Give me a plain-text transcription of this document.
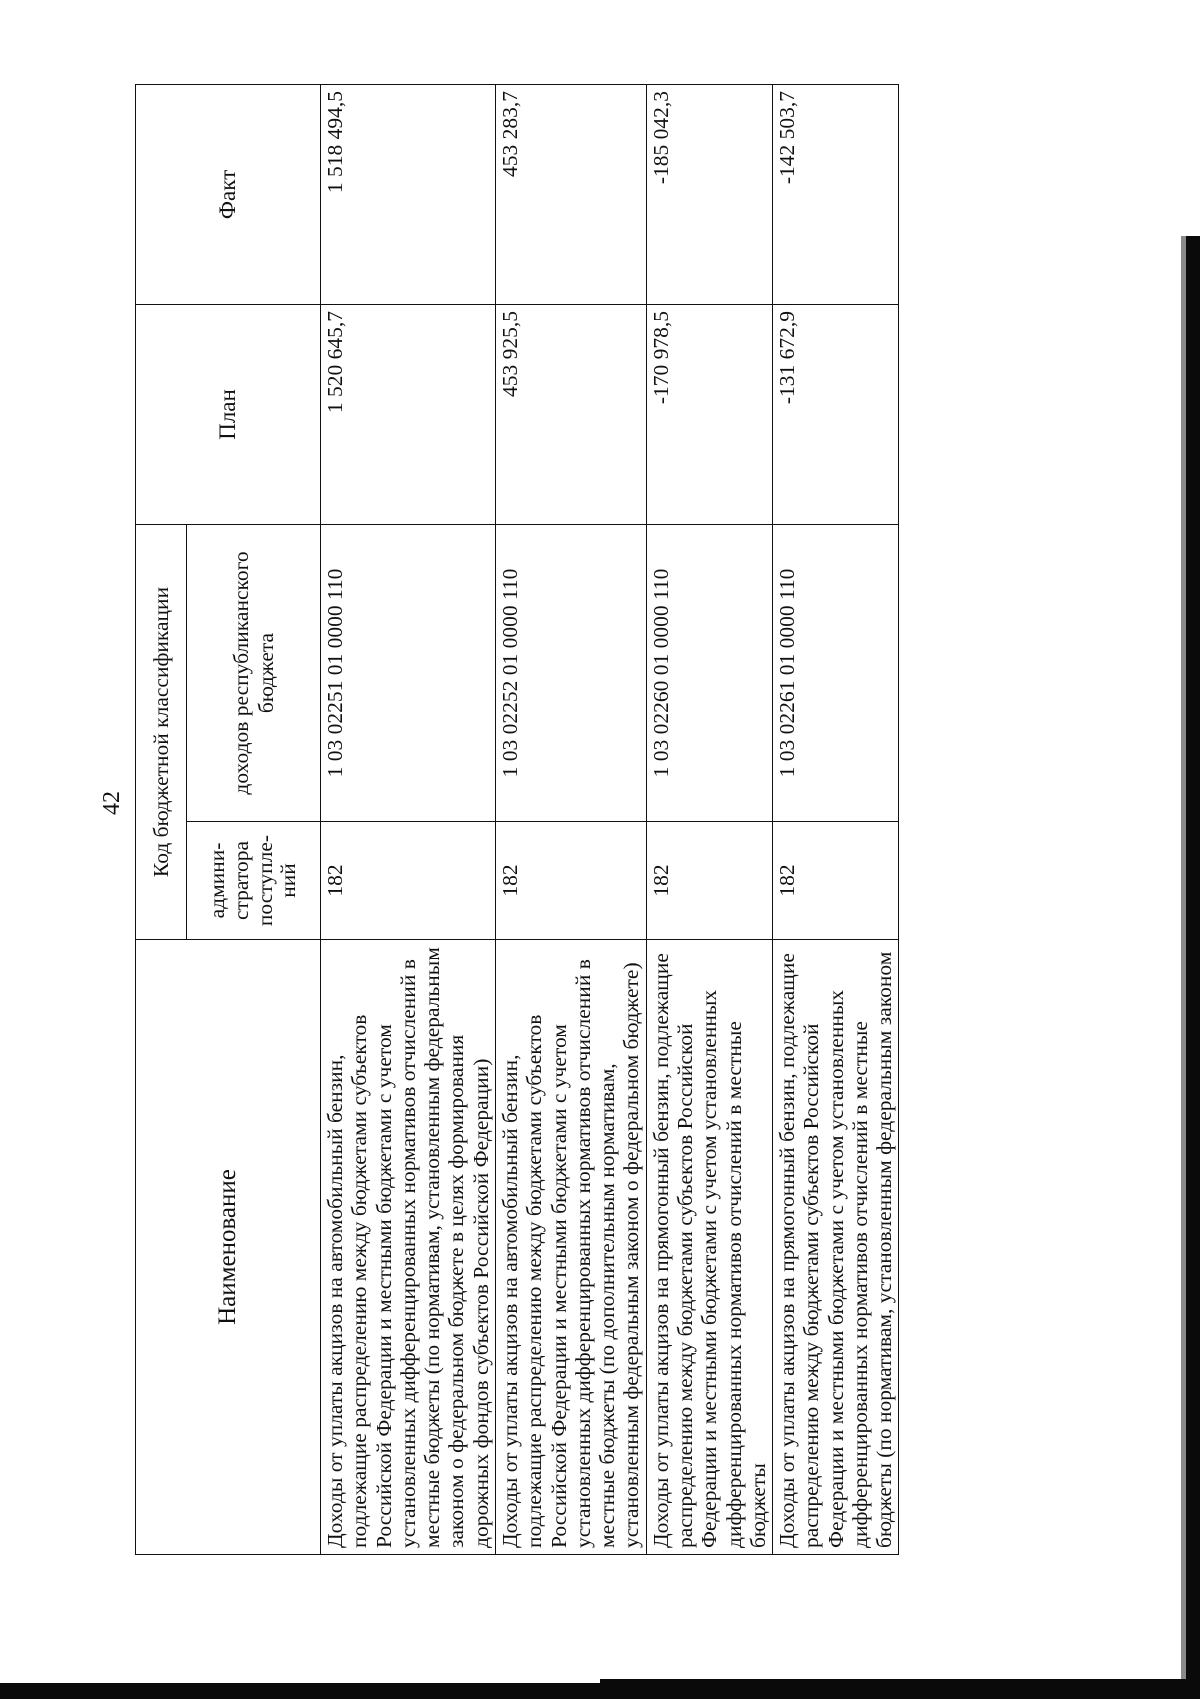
42
Наименование	Код бюджетной классификации		План	Факт
	админи-стратора поступле-ний	доходов республиканского бюджета		
Доходы от уплаты акцизов на автомобильный бензин, подлежащие распределению между бюджетами субъектов Российской Федерации и местными бюджетами с учетом установленных дифференцированных нормативов отчислений в местные бюджеты (по нормативам, установленным федеральным законом о федеральном бюджете в целях формирования дорожных фондов субъектов Российской Федерации)	182	1 03 02251 01 0000 110	1 520 645,7	1 518 494,5
Доходы от уплаты акцизов на автомобильный бензин, подлежащие распределению между бюджетами субъектов Российской Федерации и местными бюджетами с учетом установленных дифференцированных нормативов отчислений в местные бюджеты (по дополнительным нормативам, установленным федеральным законом о федеральном бюджете)	182	1 03 02252 01 0000 110	453 925,5	453 283,7
Доходы от уплаты акцизов на прямогонный бензин, подлежащие распределению между бюджетами субъектов Российской Федерации и местными бюджетами с учетом установленных дифференцированных нормативов отчислений в местные бюджеты	182	1 03 02260 01 0000 110	-170 978,5	-185 042,3
Доходы от уплаты акцизов на прямогонный бензин, подлежащие распределению между бюджетами субъектов Российской Федерации и местными бюджетами с учетом установленных дифференцированных нормативов отчислений в местные бюджеты (по нормативам, установленным федеральным законом	182	1 03 02261 01 0000 110	-131 672,9	-142 503,7
